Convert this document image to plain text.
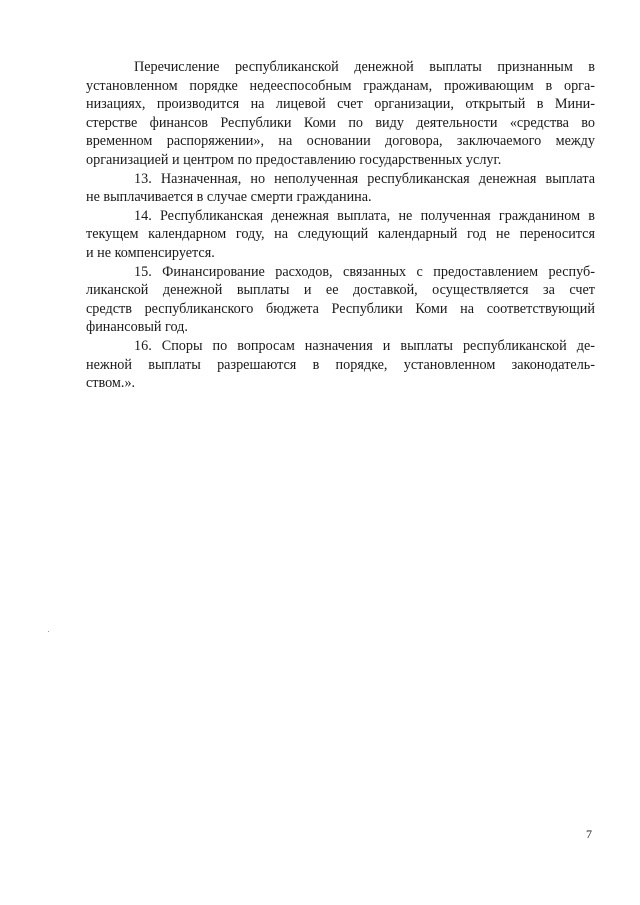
Перечисление республиканской денежной выплаты признанным в
установленном порядке недееспособным гражданам, проживающим в орга-
низациях, производится на лицевой счет организации, открытый в Мини-
стерстве финансов Республики Коми по виду деятельности «средства во
временном распоряжении», на основании договора, заключаемого между
организацией и центром по предоставлению государственных услуг.
13. Назначенная, но неполученная республиканская денежная выплата
не выплачивается в случае смерти гражданина.
14. Республиканская денежная выплата, не полученная гражданином в
текущем календарном году, на следующий календарный год не переносится
и не компенсируется.
15. Финансирование расходов, связанных с предоставлением респуб-
ликанской денежной выплаты и ее доставкой, осуществляется за счет
средств республиканского бюджета Республики Коми на соответствующий
финансовый год.
16. Споры по вопросам назначения и выплаты республиканской де-
нежной выплаты разрешаются в порядке, установленном законодатель-
ством.».
7
